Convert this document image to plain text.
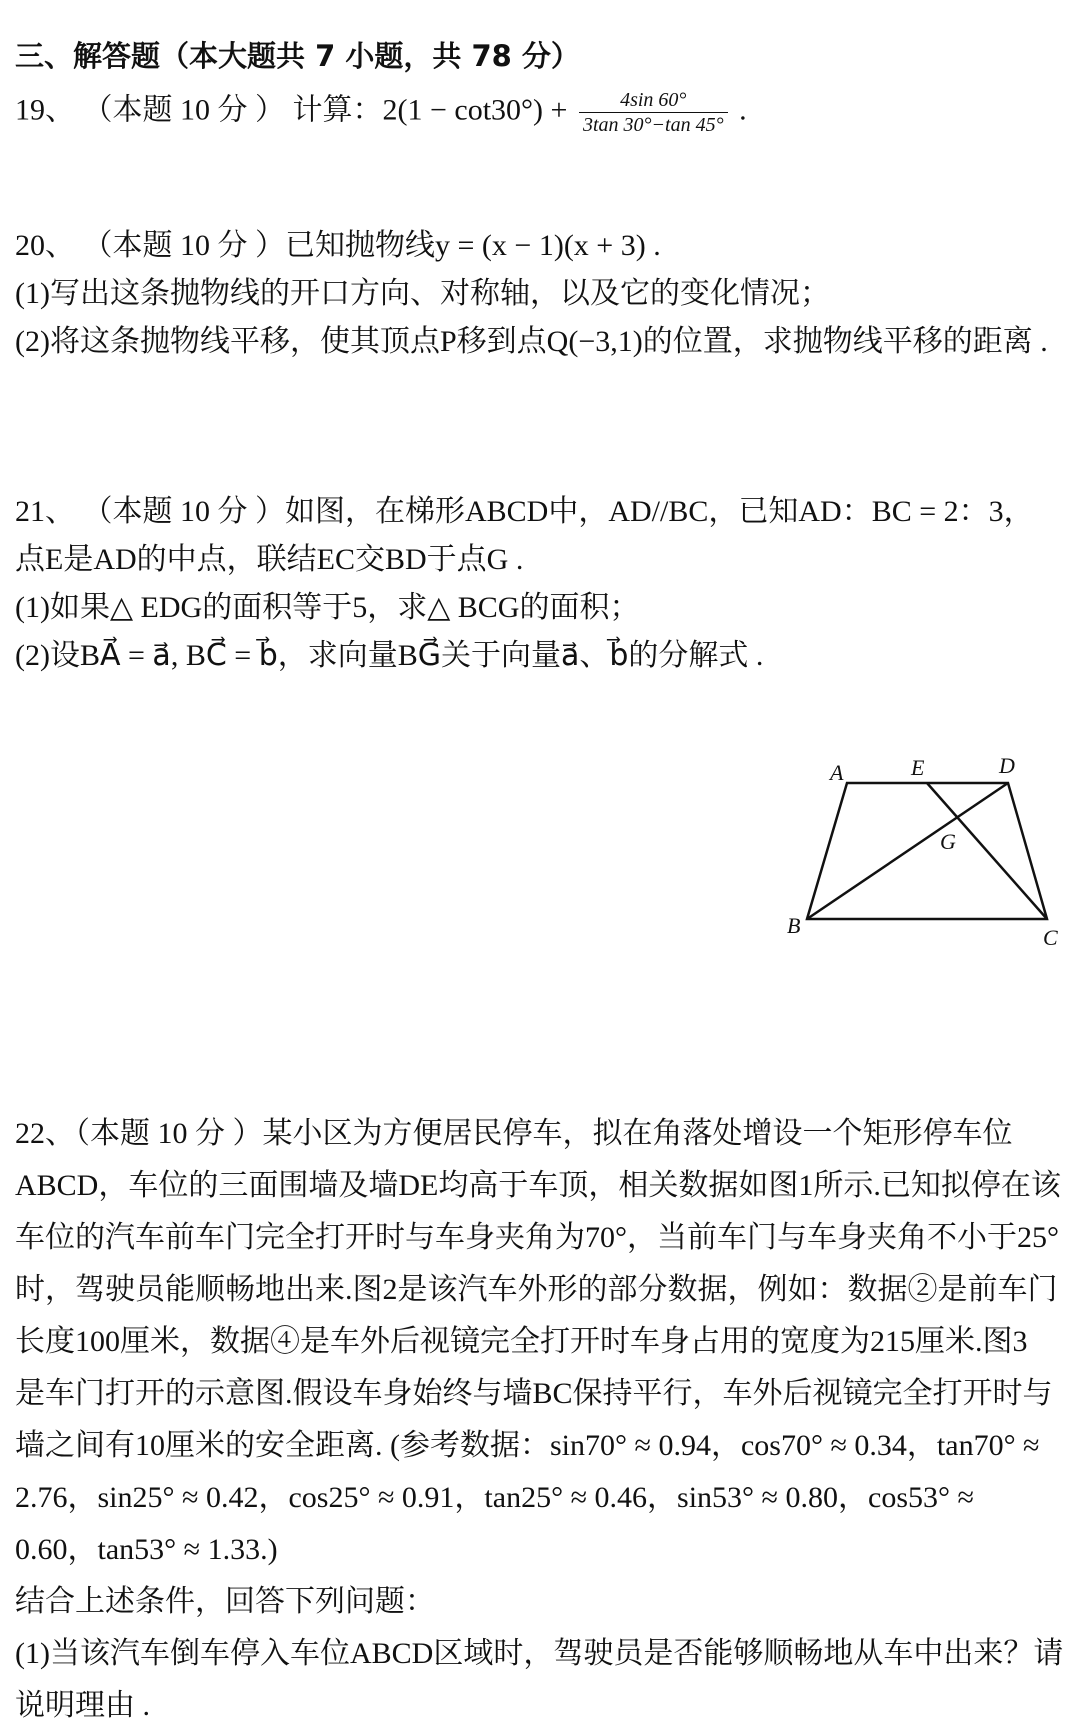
三、解答题（本大题共 7 小题，共 78 分）
19、 （本题 10 分 ） 计算：$2(1 - \cot 30^\circ) + \frac{4\sin 60^\circ}{3\tan 30^\circ-\tan 45^\circ}$ .
20、 （本题 10 分 ）已知抛物线y = (x − 1)(x + 3) .
(1)写出这条抛物线的开口方向、对称轴，以及它的变化情况；
(2)将这条抛物线平移，使其顶点P移到点Q(−3,1)的位置，求抛物线平移的距离 .
21、 （本题 10 分 ）如图，在梯形ABCD中，AD//BC，已知AD：BC = 2：3，
点E是AD的中点，联结EC交BD于点G .
(1)如果△ EDG的面积等于5，求△ BCG的面积；
(2)设BA⃗ = a⃗, BC⃗ = b⃗，求向量BG⃗关于向量a⃗、b⃗的分解式 .
A	E	D
G
B	C
22、（本题 10 分 ）某小区为方便居民停车，拟在角落处增设一个矩形停车位
ABCD，车位的三面围墙及墙DE均高于车顶，相关数据如图1所示.已知拟停在该
车位的汽车前车门完全打开时与车身夹角为70°，当前车门与车身夹角不小于25°
时，驾驶员能顺畅地出来.图2是该汽车外形的部分数据，例如：数据②是前车门
长度100厘米，数据④是车外后视镜完全打开时车身占用的宽度为215厘米.图3
是车门打开的示意图.假设车身始终与墙BC保持平行，车外后视镜完全打开时与
墙之间有10厘米的安全距离. (参考数据：sin70° ≈ 0.94，cos70° ≈ 0.34，tan70° ≈
2.76，sin25° ≈ 0.42，cos25° ≈ 0.91，tan25° ≈ 0.46，sin53° ≈ 0.80，cos53° ≈
0.60，tan53° ≈ 1.33.)
结合上述条件，回答下列问题：
(1)当该汽车倒车停入车位ABCD区域时，驾驶员是否能够顺畅地从车中出来？请
说明理由 .
